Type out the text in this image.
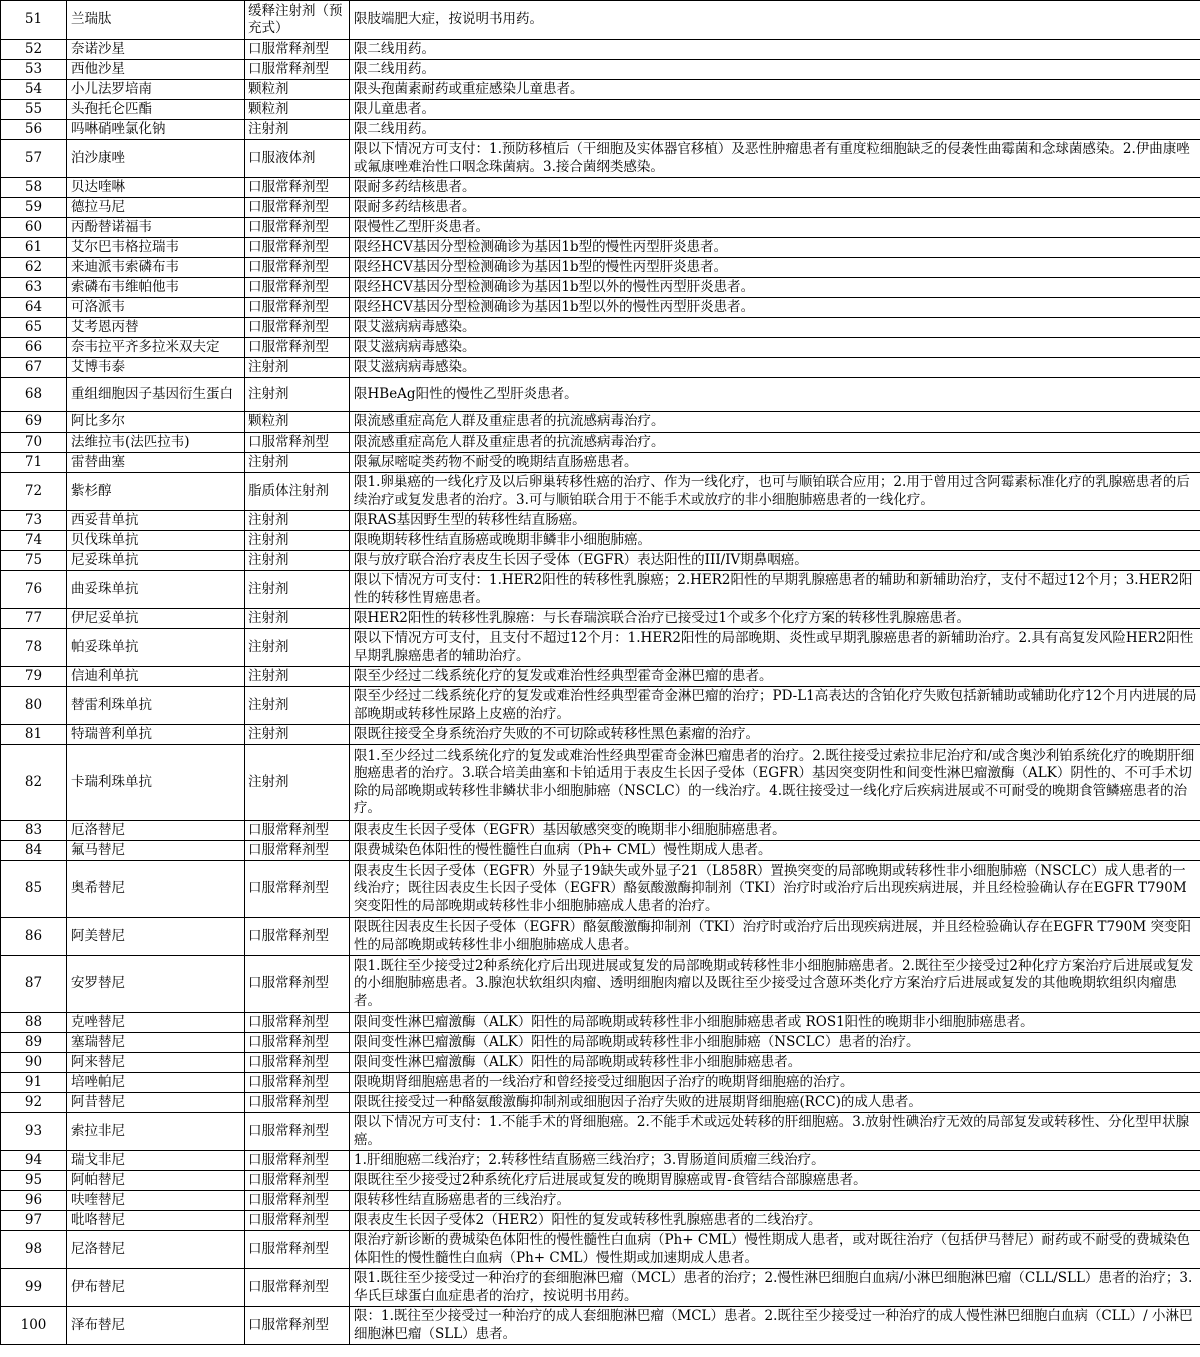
51	兰瑞肽	缓释注射剂（预充式）	限肢端肥大症，按说明书用药。
52	奈诺沙星	口服常释剂型	限二线用药。
53	西他沙星	口服常释剂型	限二线用药。
54	小儿法罗培南	颗粒剂	限头孢菌素耐药或重症感染儿童患者。
55	头孢托仑匹酯	颗粒剂	限儿童患者。
56	吗啉硝唑氯化钠	注射剂	限二线用药。
57	泊沙康唑	口服液体剂	限以下情况方可支付：1.预防移植后（干细胞及实体器官移植）及恶性肿瘤患者有重度粒细胞缺乏的侵袭性曲霉菌和念球菌感染。2.伊曲康唑或氟康唑难治性口咽念珠菌病。3.接合菌纲类感染。
58	贝达喹啉	口服常释剂型	限耐多药结核患者。
59	德拉马尼	口服常释剂型	限耐多药结核患者。
60	丙酚替诺福韦	口服常释剂型	限慢性乙型肝炎患者。
61	艾尔巴韦格拉瑞韦	口服常释剂型	限经HCV基因分型检测确诊为基因1b型的慢性丙型肝炎患者。
62	来迪派韦索磷布韦	口服常释剂型	限经HCV基因分型检测确诊为基因1b型的慢性丙型肝炎患者。
63	索磷布韦维帕他韦	口服常释剂型	限经HCV基因分型检测确诊为基因1b型以外的慢性丙型肝炎患者。
64	可洛派韦	口服常释剂型	限经HCV基因分型检测确诊为基因1b型以外的慢性丙型肝炎患者。
65	艾考恩丙替	口服常释剂型	限艾滋病病毒感染。
66	奈韦拉平齐多拉米双夫定	口服常释剂型	限艾滋病病毒感染。
67	艾博韦泰	注射剂	限艾滋病病毒感染。
68	重组细胞因子基因衍生蛋白	注射剂	限HBeAg阳性的慢性乙型肝炎患者。
69	阿比多尔	颗粒剂	限流感重症高危人群及重症患者的抗流感病毒治疗。
70	法维拉韦(法匹拉韦)	口服常释剂型	限流感重症高危人群及重症患者的抗流感病毒治疗。
71	雷替曲塞	注射剂	限氟尿嘧啶类药物不耐受的晚期结直肠癌患者。
72	紫杉醇	脂质体注射剂	限1.卵巢癌的一线化疗及以后卵巢转移性癌的治疗、作为一线化疗，也可与顺铂联合应用；2.用于曾用过含阿霉素标准化疗的乳腺癌患者的后续治疗或复发患者的治疗。3.可与顺铂联合用于不能手术或放疗的非小细胞肺癌患者的一线化疗。
73	西妥昔单抗	注射剂	限RAS基因野生型的转移性结直肠癌。
74	贝伐珠单抗	注射剂	限晚期转移性结直肠癌或晚期非鳞非小细胞肺癌。
75	尼妥珠单抗	注射剂	限与放疗联合治疗表皮生长因子受体（EGFR）表达阳性的III/IV期鼻咽癌。
76	曲妥珠单抗	注射剂	限以下情况方可支付：1.HER2阳性的转移性乳腺癌；2.HER2阳性的早期乳腺癌患者的辅助和新辅助治疗，支付不超过12个月；3.HER2阳性的转移性胃癌患者。
77	伊尼妥单抗	注射剂	限HER2阳性的转移性乳腺癌：与长春瑞滨联合治疗已接受过1个或多个化疗方案的转移性乳腺癌患者。
78	帕妥珠单抗	注射剂	限以下情况方可支付，且支付不超过12个月：1.HER2阳性的局部晚期、炎性或早期乳腺癌患者的新辅助治疗。2.具有高复发风险HER2阳性早期乳腺癌患者的辅助治疗。
79	信迪利单抗	注射剂	限至少经过二线系统化疗的复发或难治性经典型霍奇金淋巴瘤的患者。
80	替雷利珠单抗	注射剂	限至少经过二线系统化疗的复发或难治性经典型霍奇金淋巴瘤的治疗；PD-L1高表达的含铂化疗失败包括新辅助或辅助化疗12个月内进展的局部晚期或转移性尿路上皮癌的治疗。
81	特瑞普利单抗	注射剂	限既往接受全身系统治疗失败的不可切除或转移性黑色素瘤的治疗。
82	卡瑞利珠单抗	注射剂	限1.至少经过二线系统化疗的复发或难治性经典型霍奇金淋巴瘤患者的治疗。2.既往接受过索拉非尼治疗和/或含奥沙利铂系统化疗的晚期肝细胞癌患者的治疗。3.联合培美曲塞和卡铂适用于表皮生长因子受体（EGFR）基因突变阴性和间变性淋巴瘤激酶（ALK）阴性的、不可手术切除的局部晚期或转移性非鳞状非小细胞肺癌（NSCLC）的一线治疗。4.既往接受过一线化疗后疾病进展或不可耐受的晚期食管鳞癌患者的治疗。
83	厄洛替尼	口服常释剂型	限表皮生长因子受体（EGFR）基因敏感突变的晚期非小细胞肺癌患者。
84	氟马替尼	口服常释剂型	限费城染色体阳性的慢性髓性白血病（Ph+ CML）慢性期成人患者。
85	奥希替尼	口服常释剂型	限表皮生长因子受体（EGFR）外显子19缺失或外显子21（L858R）置换突变的局部晚期或转移性非小细胞肺癌（NSCLC）成人患者的一线治疗；既往因表皮生长因子受体（EGFR）酪氨酸激酶抑制剂（TKI）治疗时或治疗后出现疾病进展，并且经检验确认存在EGFR T790M 突变阳性的局部晚期或转移性非小细胞肺癌成人患者的治疗。
86	阿美替尼	口服常释剂型	限既往因表皮生长因子受体（EGFR）酪氨酸激酶抑制剂（TKI）治疗时或治疗后出现疾病进展，并且经检验确认存在EGFR T790M 突变阳性的局部晚期或转移性非小细胞肺癌成人患者。
87	安罗替尼	口服常释剂型	限1.既往至少接受过2种系统化疗后出现进展或复发的局部晚期或转移性非小细胞肺癌患者。2.既往至少接受过2种化疗方案治疗后进展或复发的小细胞肺癌患者。3.腺泡状软组织肉瘤、透明细胞肉瘤以及既往至少接受过含蒽环类化疗方案治疗后进展或复发的其他晚期软组织肉瘤患者。
88	克唑替尼	口服常释剂型	限间变性淋巴瘤激酶（ALK）阳性的局部晚期或转移性非小细胞肺癌患者或 ROS1阳性的晚期非小细胞肺癌患者。
89	塞瑞替尼	口服常释剂型	限间变性淋巴瘤激酶（ALK）阳性的局部晚期或转移性非小细胞肺癌（NSCLC）患者的治疗。
90	阿来替尼	口服常释剂型	限间变性淋巴瘤激酶（ALK）阳性的局部晚期或转移性非小细胞肺癌患者。
91	培唑帕尼	口服常释剂型	限晚期肾细胞癌患者的一线治疗和曾经接受过细胞因子治疗的晚期肾细胞癌的治疗。
92	阿昔替尼	口服常释剂型	限既往接受过一种酪氨酸激酶抑制剂或细胞因子治疗失败的进展期肾细胞癌(RCC)的成人患者。
93	索拉非尼	口服常释剂型	限以下情况方可支付：1.不能手术的肾细胞癌。2.不能手术或远处转移的肝细胞癌。3.放射性碘治疗无效的局部复发或转移性、分化型甲状腺癌。
94	瑞戈非尼	口服常释剂型	1.肝细胞癌二线治疗；2.转移性结直肠癌三线治疗；3.胃肠道间质瘤三线治疗。
95	阿帕替尼	口服常释剂型	限既往至少接受过2种系统化疗后进展或复发的晚期胃腺癌或胃-食管结合部腺癌患者。
96	呋喹替尼	口服常释剂型	限转移性结直肠癌患者的三线治疗。
97	吡咯替尼	口服常释剂型	限表皮生长因子受体2（HER2）阳性的复发或转移性乳腺癌患者的二线治疗。
98	尼洛替尼	口服常释剂型	限治疗新诊断的费城染色体阳性的慢性髓性白血病（Ph+ CML）慢性期成人患者，或对既往治疗（包括伊马替尼）耐药或不耐受的费城染色体阳性的慢性髓性白血病（Ph+ CML）慢性期或加速期成人患者。
99	伊布替尼	口服常释剂型	限1.既往至少接受过一种治疗的套细胞淋巴瘤（MCL）患者的治疗；2.慢性淋巴细胞白血病/小淋巴细胞淋巴瘤（CLL/SLL）患者的治疗；3.华氏巨球蛋白血症患者的治疗，按说明书用药。
100	泽布替尼	口服常释剂型	限：1.既往至少接受过一种治疗的成人套细胞淋巴瘤（MCL）患者。2.既往至少接受过一种治疗的成人慢性淋巴细胞白血病（CLL）/ 小淋巴细胞淋巴瘤（SLL）患者。
